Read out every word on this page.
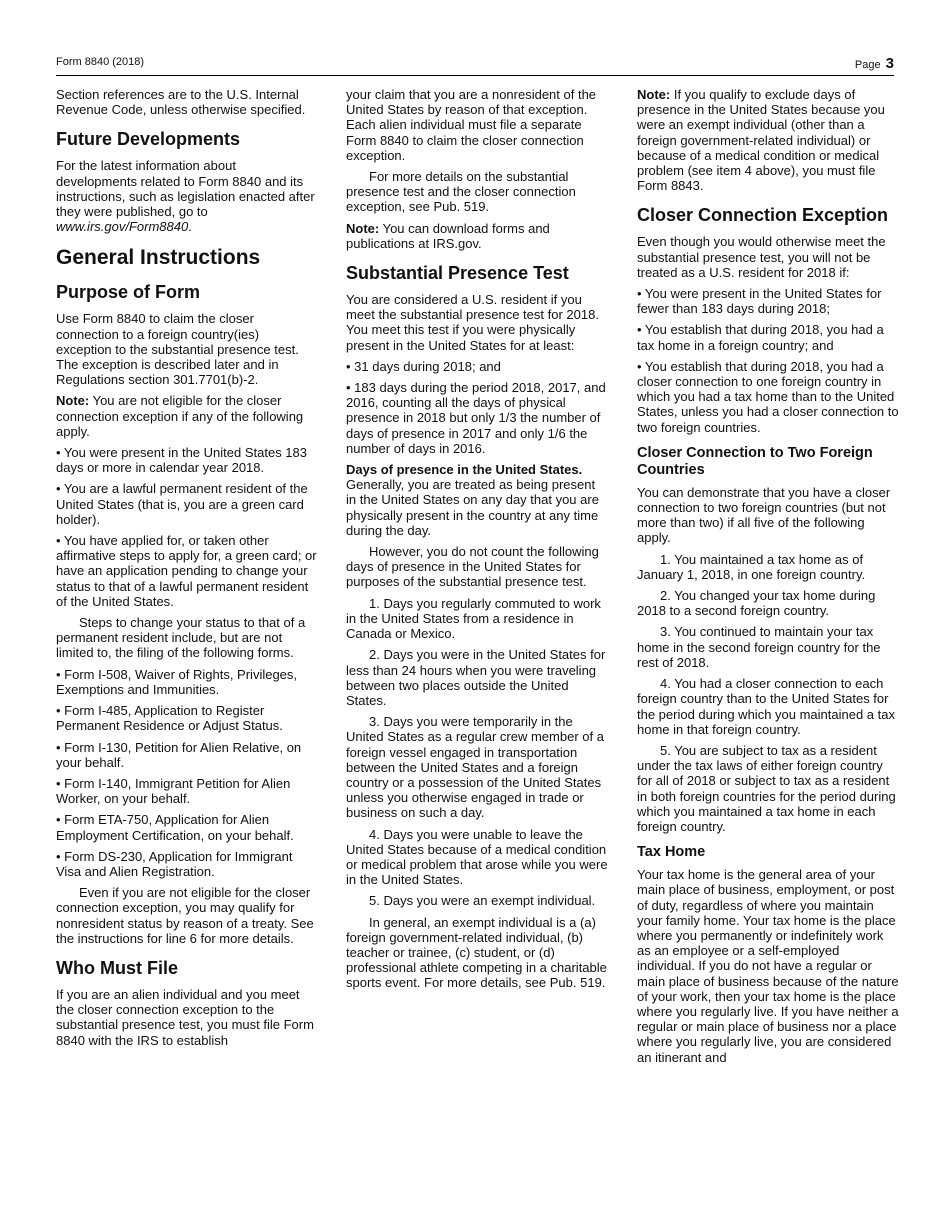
Form 8840 (2018)	Page 3

Section references are to the U.S. Internal Revenue Code, unless otherwise specified.

Future Developments

For the latest information about developments related to Form 8840 and its instructions, such as legislation enacted after they were published, go to www.irs.gov/Form8840.

General Instructions
Purpose of Form

Use Form 8840 to claim the closer connection to a foreign country(ies) exception to the substantial presence test. The exception is described later and in Regulations section 301.7701(b)-2.

Note: You are not eligible for the closer connection exception if any of the following apply.

• You were present in the United States 183 days or more in calendar year 2018.

• You are a lawful permanent resident of the United States (that is, you are a green card holder).

• You have applied for, or taken other affirmative steps to apply for, a green card; or have an application pending to change your status to that of a lawful permanent resident of the United States.

Steps to change your status to that of a permanent resident include, but are not limited to, the filing of the following forms.

• Form I-508, Waiver of Rights, Privileges, Exemptions and Immunities.

• Form I-485, Application to Register Permanent Residence or Adjust Status.

• Form I-130, Petition for Alien Relative, on your behalf.

• Form I-140, Immigrant Petition for Alien Worker, on your behalf.

• Form ETA-750, Application for Alien Employment Certification, on your behalf.

• Form DS-230, Application for Immigrant Visa and Alien Registration.

Even if you are not eligible for the closer connection exception, you may qualify for nonresident status by reason of a treaty. See the instructions for line 6 for more details.

Who Must File

If you are an alien individual and you meet the closer connection exception to the substantial presence test, you must file Form 8840 with the IRS to establish

your claim that you are a nonresident of the United States by reason of that exception. Each alien individual must file a separate Form 8840 to claim the closer connection exception.

For more details on the substantial presence test and the closer connection exception, see Pub. 519.

Note: You can download forms and publications at IRS.gov.

Substantial Presence Test

You are considered a U.S. resident if you meet the substantial presence test for 2018. You meet this test if you were physically present in the United States for at least:

• 31 days during 2018; and

• 183 days during the period 2018, 2017, and 2016, counting all the days of physical presence in 2018 but only 1/3 the number of days of presence in 2017 and only 1/6 the number of days in 2016.

Days of presence in the United States. Generally, you are treated as being present in the United States on any day that you are physically present in the country at any time during the day.

However, you do not count the following days of presence in the United States for purposes of the substantial presence test.

1. Days you regularly commuted to work in the United States from a residence in Canada or Mexico.

2. Days you were in the United States for less than 24 hours when you were traveling between two places outside the United States.

3. Days you were temporarily in the United States as a regular crew member of a foreign vessel engaged in transportation between the United States and a foreign country or a possession of the United States unless you otherwise engaged in trade or business on such a day.

4. Days you were unable to leave the United States because of a medical condition or medical problem that arose while you were in the United States.

5. Days you were an exempt individual.

In general, an exempt individual is a (a) foreign government-related individual, (b) teacher or trainee, (c) student, or (d) professional athlete competing in a charitable sports event. For more details, see Pub. 519.

Note: If you qualify to exclude days of presence in the United States because you were an exempt individual (other than a foreign government-related individual) or because of a medical condition or medical problem (see item 4 above), you must file Form 8843.

Closer Connection Exception

Even though you would otherwise meet the substantial presence test, you will not be treated as a U.S. resident for 2018 if:

• You were present in the United States for fewer than 183 days during 2018;

• You establish that during 2018, you had a tax home in a foreign country; and

• You establish that during 2018, you had a closer connection to one foreign country in which you had a tax home than to the United States, unless you had a closer connection to two foreign countries.

Closer Connection to Two Foreign Countries

You can demonstrate that you have a closer connection to two foreign countries (but not more than two) if all five of the following apply.

1. You maintained a tax home as of January 1, 2018, in one foreign country.

2. You changed your tax home during 2018 to a second foreign country.

3. You continued to maintain your tax home in the second foreign country for the rest of 2018.

4. You had a closer connection to each foreign country than to the United States for the period during which you maintained a tax home in that foreign country.

5. You are subject to tax as a resident under the tax laws of either foreign country for all of 2018 or subject to tax as a resident in both foreign countries for the period during which you maintained a tax home in each foreign country.

Tax Home

Your tax home is the general area of your main place of business, employment, or post of duty, regardless of where you maintain your family home. Your tax home is the place where you permanently or indefinitely work as an employee or a self-employed individual. If you do not have a regular or main place of business because of the nature of your work, then your tax home is the place where you regularly live. If you have neither a regular or main place of business nor a place where you regularly live, you are considered an itinerant and
